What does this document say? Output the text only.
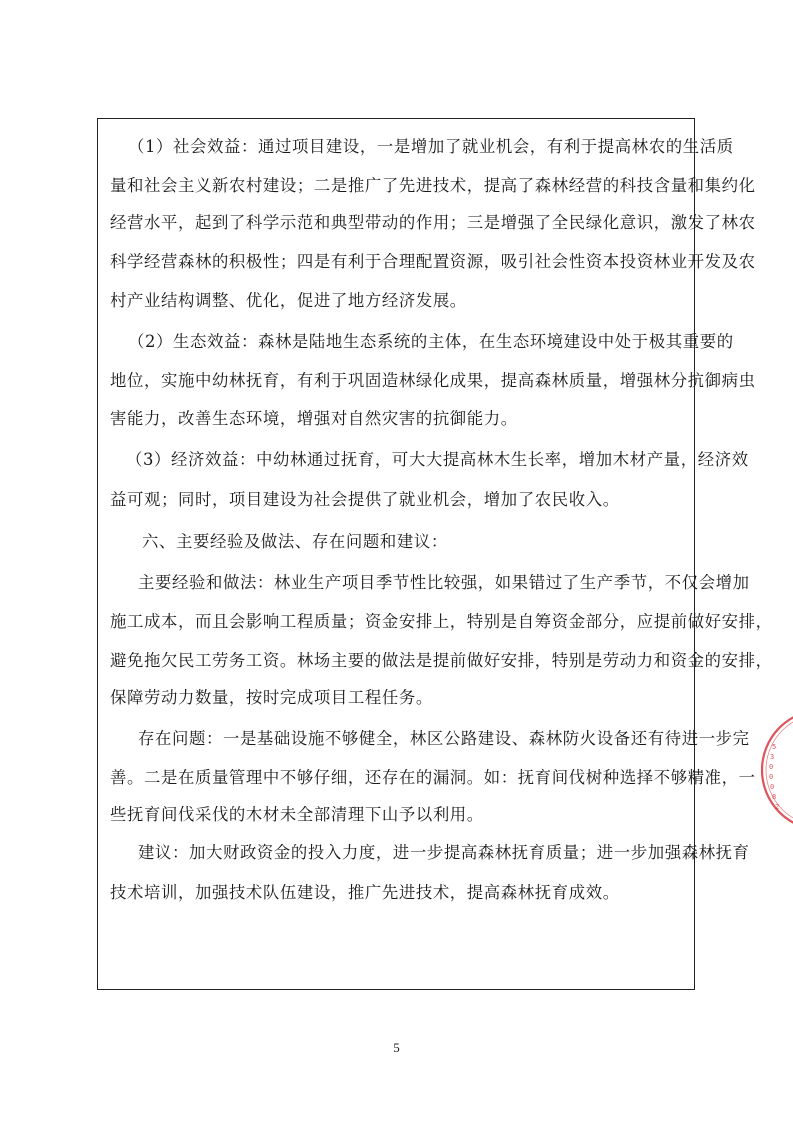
（1）社会效益：通过项目建设，一是增加了就业机会，有利于提高林农的生活质
量和社会主义新农村建设；二是推广了先进技术，提高了森林经营的科技含量和集约化
经营水平，起到了科学示范和典型带动的作用；三是增强了全民绿化意识，激发了林农
科学经营森林的积极性；四是有利于合理配置资源，吸引社会性资本投资林业开发及农
村产业结构调整、优化，促进了地方经济发展。
（2）生态效益：森林是陆地生态系统的主体，在生态环境建设中处于极其重要的
地位，实施中幼林抚育，有利于巩固造林绿化成果，提高森林质量，增强林分抗御病虫
害能力，改善生态环境，增强对自然灾害的抗御能力。
（3）经济效益：中幼林通过抚育，可大大提高林木生长率，增加木材产量，经济效
益可观；同时，项目建设为社会提供了就业机会，增加了农民收入。
六、主要经验及做法、存在问题和建议：
主要经验和做法：林业生产项目季节性比较强，如果错过了生产季节，不仅会增加
施工成本，而且会影响工程质量；资金安排上，特别是自筹资金部分，应提前做好安排，
避免拖欠民工劳务工资。林场主要的做法是提前做好安排，特别是劳动力和资金的安排，
保障劳动力数量，按时完成项目工程任务。
存在问题：一是基础设施不够健全，林区公路建设、森林防火设备还有待进一步完
善。二是在质量管理中不够仔细，还存在的漏洞。如：抚育间伐树种选择不够精准，一
些抚育间伐采伐的木材未全部清理下山予以利用。
建议：加大财政资金的投入力度，进一步提高森林抚育质量；进一步加强森林抚育
技术培训，加强技术队伍建设，推广先进技术，提高森林抚育成效。
5
5
3
0
0
0
8
2
